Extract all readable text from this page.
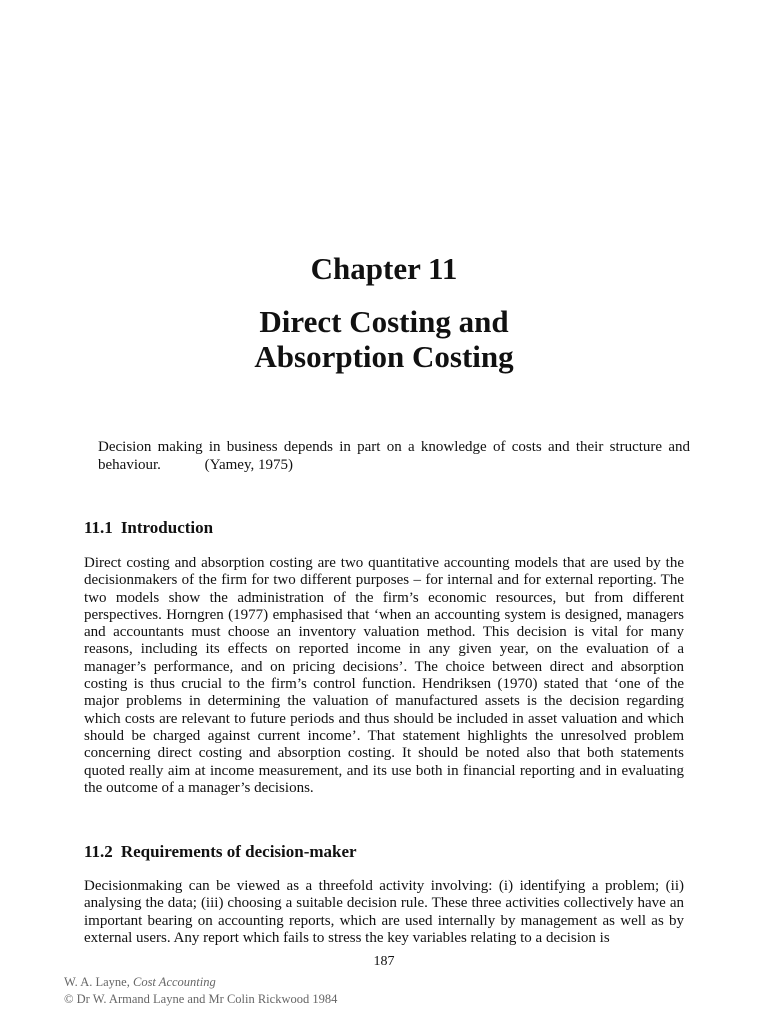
Chapter 11
Direct Costing and
Absorption Costing

Decision making in business depends in part on a knowledge of costs and their structure and behaviour.	(Yamey, 1975)

11.1 Introduction

Direct costing and absorption costing are two quantitative accounting models that are used by the decisionmakers of the firm for two different purposes – for internal and for external reporting. The two models show the administration of the firm’s economic resources, but from different perspectives. Horngren (1977) emphasised that ‘when an accounting system is designed, managers and accountants must choose an inventory valuation method. This decision is vital for many reasons, including its effects on reported income in any given year, on the evaluation of a manager’s performance, and on pricing decisions’. The choice between direct and absorption costing is thus crucial to the firm’s control function. Hendriksen (1970) stated that ‘one of the major problems in determining the valuation of manufactured assets is the decision regarding which costs are relevant to future periods and thus should be included in asset valuation and which should be charged against current income’. That statement highlights the unresolved problem concerning direct costing and absorption costing. It should be noted also that both statements quoted really aim at income measurement, and its use both in financial reporting and in evaluating the outcome of a manager’s decisions.

11.2 Requirements of decision-maker

Decisionmaking can be viewed as a threefold activity involving: (i) identifying a problem; (ii) analysing the data; (iii) choosing a suitable decision rule. These three activities collectively have an important bearing on accounting reports, which are used internally by management as well as by external users. Any report which fails to stress the key variables relating to a decision is

187

W. A. Layne, Cost Accounting

© Dr W. Armand Layne and Mr Colin Rickwood 1984
